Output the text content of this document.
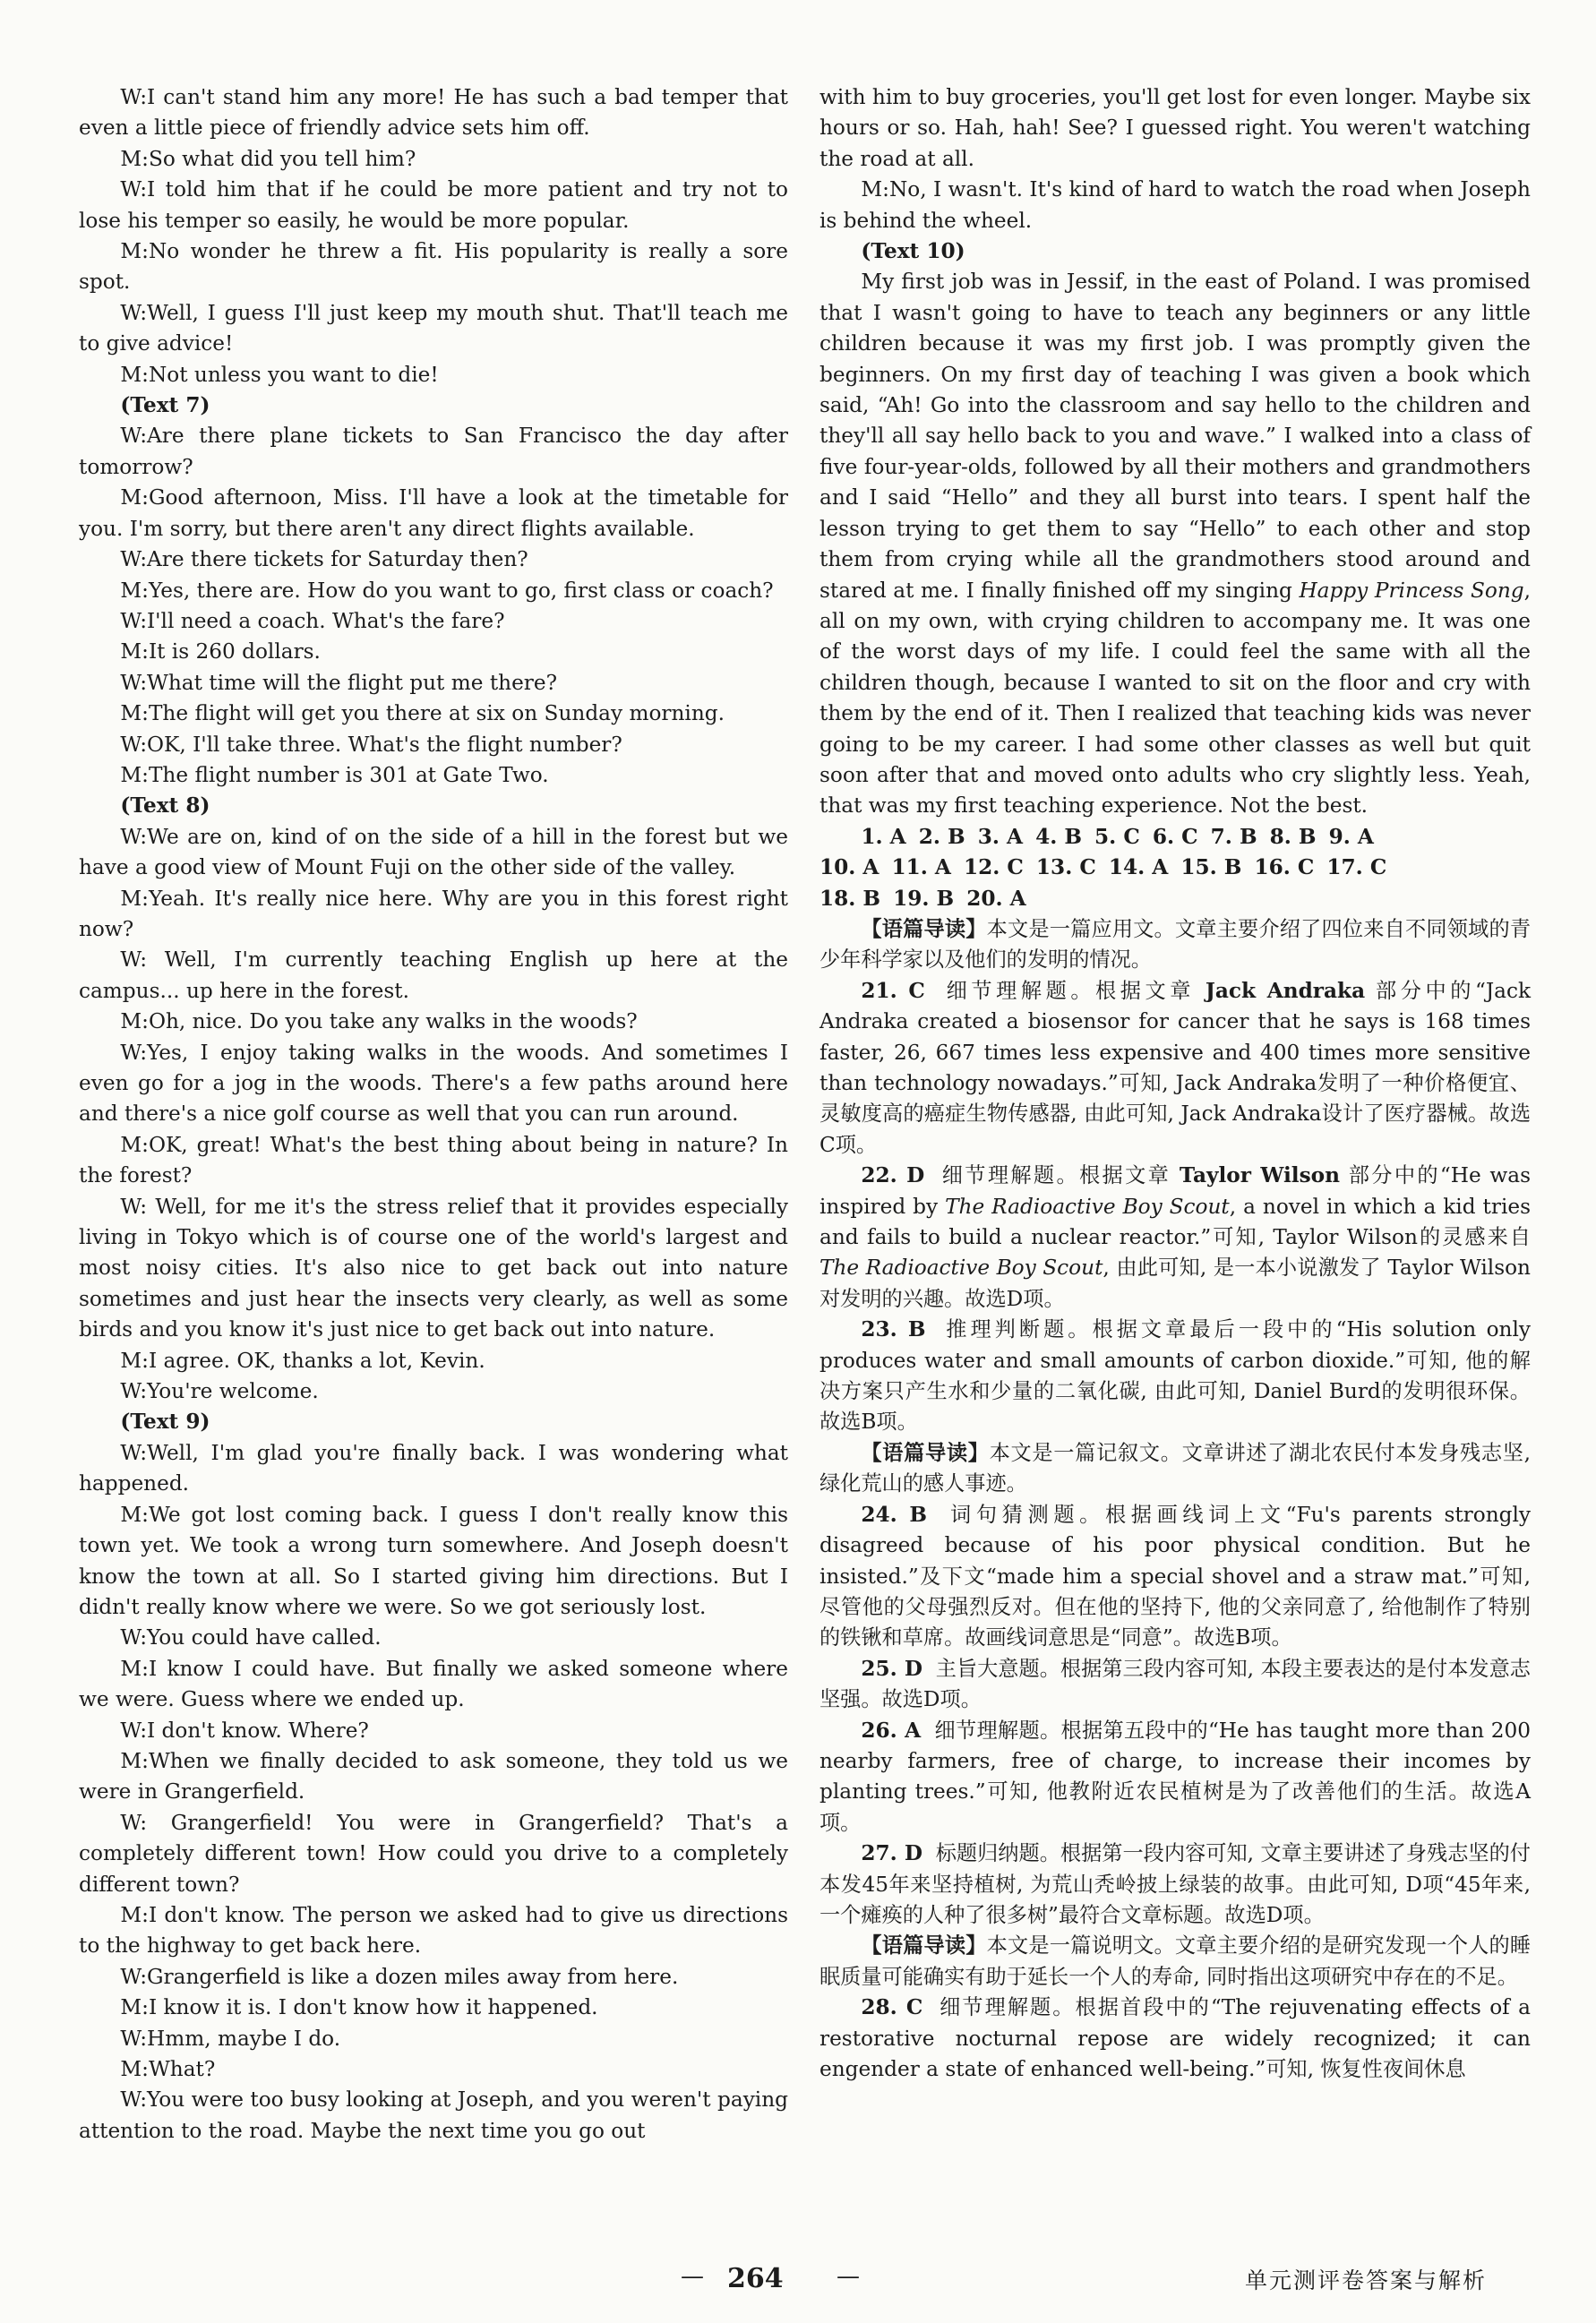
W:I can't stand him any more! He has such a bad temper that even a little piece of friendly advice sets him off.

M:So what did you tell him?

W:I told him that if he could be more patient and try not to lose his temper so easily, he would be more popular.

M:No wonder he threw a fit. His popularity is really a sore spot.

W:Well, I guess I'll just keep my mouth shut. That'll teach me to give advice!

M:Not unless you want to die!

(Text 7)

W:Are there plane tickets to San Francisco the day after tomorrow?

M:Good afternoon, Miss. I'll have a look at the timetable for you. I'm sorry, but there aren't any direct flights available.

W:Are there tickets for Saturday then?

M:Yes, there are. How do you want to go, first class or coach?

W:I'll need a coach. What's the fare?

M:It is 260 dollars.

W:What time will the flight put me there?

M:The flight will get you there at six on Sunday morning.

W:OK, I'll take three. What's the flight number?

M:The flight number is 301 at Gate Two.

(Text 8)

W:We are on, kind of on the side of a hill in the forest but we have a good view of Mount Fuji on the other side of the valley.

M:Yeah. It's really nice here. Why are you in this forest right now?

W: Well, I'm currently teaching English up here at the campus... up here in the forest.

M:Oh, nice. Do you take any walks in the woods?

W:Yes, I enjoy taking walks in the woods. And sometimes I even go for a jog in the woods. There's a few paths around here and there's a nice golf course as well that you can run around.

M:OK, great! What's the best thing about being in nature? In the forest?

W: Well, for me it's the stress relief that it provides especially living in Tokyo which is of course one of the world's largest and most noisy cities. It's also nice to get back out into nature sometimes and just hear the insects very clearly, as well as some birds and you know it's just nice to get back out into nature.

M:I agree. OK, thanks a lot, Kevin.

W:You're welcome.

(Text 9)

W:Well, I'm glad you're finally back. I was wondering what happened.

M:We got lost coming back. I guess I don't really know this town yet. We took a wrong turn somewhere. And Joseph doesn't know the town at all. So I started giving him directions. But I didn't really know where we were. So we got seriously lost.

W:You could have called.

M:I know I could have. But finally we asked someone where we were. Guess where we ended up.

W:I don't know. Where?

M:When we finally decided to ask someone, they told us we were in Grangerfield.

W: Grangerfield! You were in Grangerfield? That's a completely different town! How could you drive to a completely different town?

M:I don't know. The person we asked had to give us directions to the highway to get back here.

W:Grangerfield is like a dozen miles away from here.

M:I know it is. I don't know how it happened.

W:Hmm, maybe I do.

M:What?

W:You were too busy looking at Joseph, and you weren't paying attention to the road. Maybe the next time you go out

with him to buy groceries, you'll get lost for even longer. Maybe six hours or so. Hah, hah! See? I guessed right. You weren't watching the road at all.

M:No, I wasn't. It's kind of hard to watch the road when Joseph is behind the wheel.

(Text 10)

My first job was in Jessif, in the east of Poland. I was promised that I wasn't going to have to teach any beginners or any little children because it was my first job. I was promptly given the beginners. On my first day of teaching I was given a book which said, “Ah! Go into the classroom and say hello to the children and they'll all say hello back to you and wave.” I walked into a class of five four-year-olds, followed by all their mothers and grandmothers and I said “Hello” and they all burst into tears. I spent half the lesson trying to get them to say “Hello” to each other and stop them from crying while all the grandmothers stood around and stared at me. I finally finished off my singing Happy Princess Song, all on my own, with crying children to accompany me. It was one of the worst days of my life. I could feel the same with all the children though, because I wanted to sit on the floor and cry with them by the end of it. Then I realized that teaching kids was never going to be my career. I had some other classes as well but quit soon after that and moved onto adults who cry slightly less. Yeah, that was my first teaching experience. Not the best.

1. A 2. B 3. A 4. B 5. C 6. C 7. B 8. B 9. A

10. A 11. A 12. C 13. C 14. A 15. B 16. C 17. C

18. B 19. B 20. A

【语篇导读】本文是一篇应用文。文章主要介绍了四位来自不同领域的青少年科学家以及他们的发明的情况。

21. C 细节理解题。根据文章 Jack Andraka 部分中的“Jack Andraka created a biosensor for cancer that he says is 168 times faster, 26, 667 times less expensive and 400 times more sensitive than technology nowadays.”可知, Jack Andraka发明了一种价格便宜、灵敏度高的癌症生物传感器, 由此可知, Jack Andraka设计了医疗器械。故选C项。

22. D 细节理解题。根据文章 Taylor Wilson 部分中的“He was inspired by The Radioactive Boy Scout, a novel in which a kid tries and fails to build a nuclear reactor.”可知, Taylor Wilson的灵感来自 The Radioactive Boy Scout, 由此可知, 是一本小说激发了 Taylor Wilson对发明的兴趣。故选D项。

23. B 推理判断题。根据文章最后一段中的“His solution only produces water and small amounts of carbon dioxide.”可知, 他的解决方案只产生水和少量的二氧化碳, 由此可知, Daniel Burd的发明很环保。故选B项。

【语篇导读】本文是一篇记叙文。文章讲述了湖北农民付本发身残志坚, 绿化荒山的感人事迹。

24. B 词句猜测题。根据画线词上文“Fu's parents strongly disagreed because of his poor physical condition. But he insisted.”及下文“made him a special shovel and a straw mat.”可知, 尽管他的父母强烈反对。但在他的坚持下, 他的父亲同意了, 给他制作了特别的铁锹和草席。故画线词意思是“同意”。故选B项。

25. D 主旨大意题。根据第三段内容可知, 本段主要表达的是付本发意志坚强。故选D项。

26. A 细节理解题。根据第五段中的“He has taught more than 200 nearby farmers, free of charge, to increase their incomes by planting trees.”可知, 他教附近农民植树是为了改善他们的生活。故选A项。

27. D 标题归纳题。根据第一段内容可知, 文章主要讲述了身残志坚的付本发45年来坚持植树, 为荒山秃岭披上绿装的故事。由此可知, D项“45年来, 一个瘫痪的人种了很多树”最符合文章标题。故选D项。

【语篇导读】本文是一篇说明文。文章主要介绍的是研究发现一个人的睡眠质量可能确实有助于延长一个人的寿命, 同时指出这项研究中存在的不足。

28. C 细节理解题。根据首段中的“The rejuvenating effects of a restorative nocturnal repose are widely recognized; it can engender a state of enhanced well-being.”可知, 恢复性夜间休息

— 264 —	单元测评卷答案与解析
